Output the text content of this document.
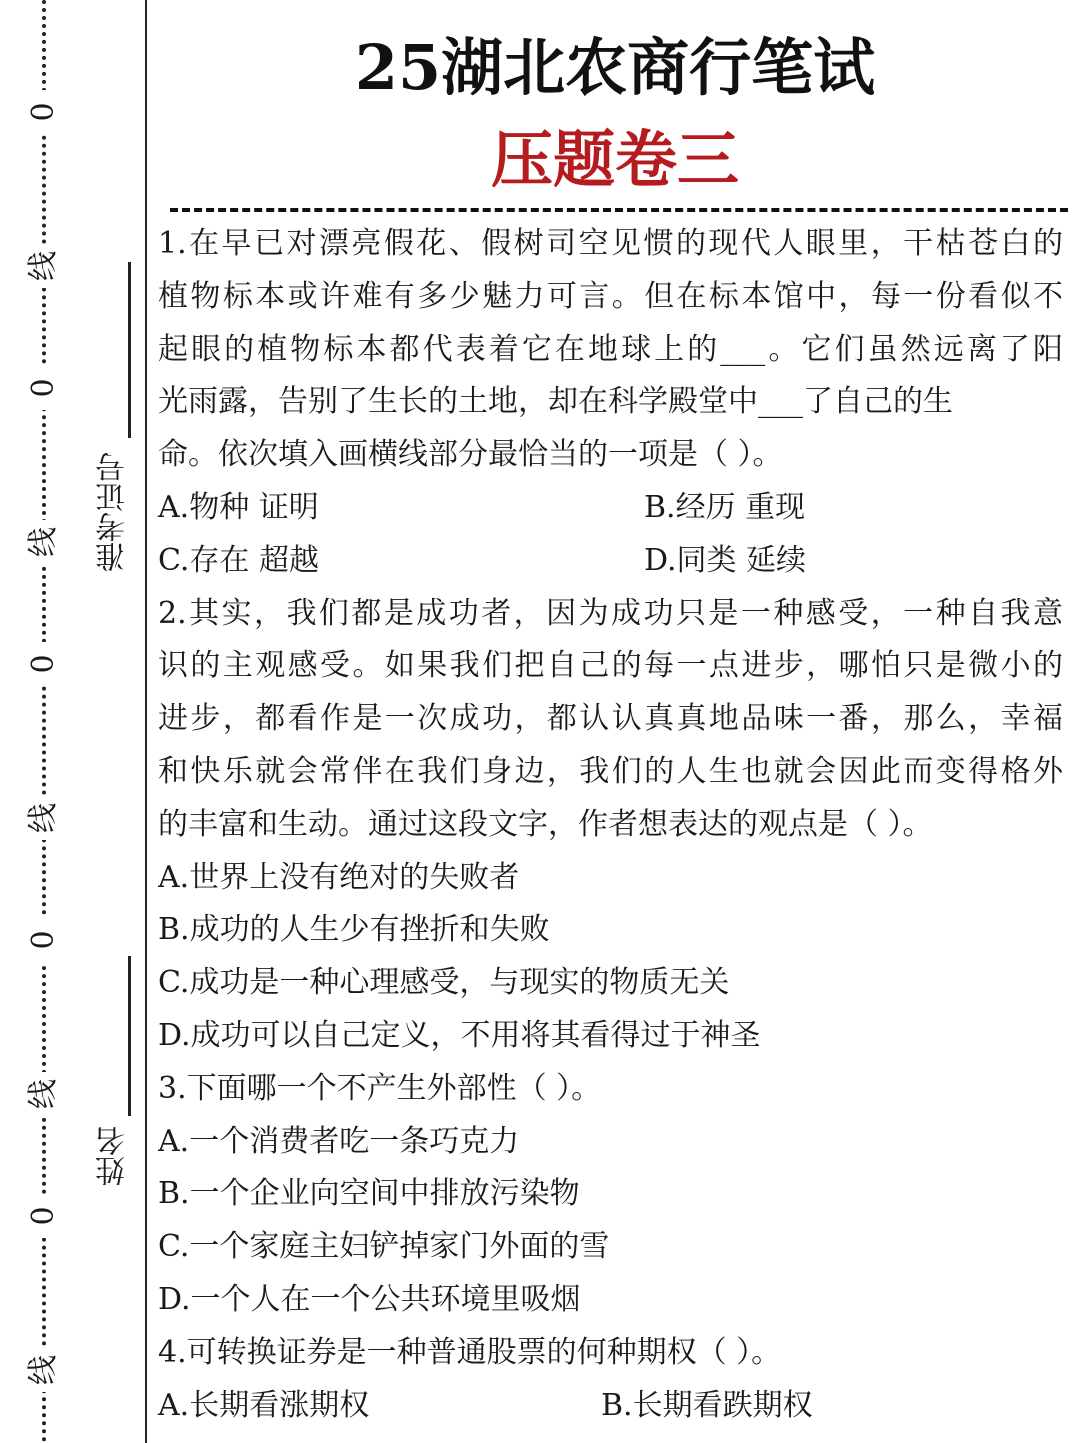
0
线
0
线
0
线
0
线
0
线
准考证号
姓名
25湖北农商行笔试
压题卷三
1.在早已对漂亮假花、假树司空见惯的现代人眼里，干枯苍白的
植物标本或许难有多少魅力可言。但在标本馆中，每一份看似不
起眼的植物标本都代表着它在地球上的___。它们虽然远离了阳
光雨露，告别了生长的土地，却在科学殿堂中___了自己的生
命。依次填入画横线部分最恰当的一项是（ ）。
A.物种 证明	B.经历 重现
C.存在 超越	D.同类 延续
2.其实，我们都是成功者，因为成功只是一种感受，一种自我意
识的主观感受。如果我们把自己的每一点进步，哪怕只是微小的
进步，都看作是一次成功，都认认真真地品味一番，那么，幸福
和快乐就会常伴在我们身边，我们的人生也就会因此而变得格外
的丰富和生动。通过这段文字，作者想表达的观点是（ ）。
A.世界上没有绝对的失败者
B.成功的人生少有挫折和失败
C.成功是一种心理感受，与现实的物质无关
D.成功可以自己定义，不用将其看得过于神圣
3.下面哪一个不产生外部性（ ）。
A.一个消费者吃一条巧克力
B.一个企业向空间中排放污染物
C.一个家庭主妇铲掉家门外面的雪
D.一个人在一个公共环境里吸烟
4.可转换证券是一种普通股票的何种期权（ ）。
A.长期看涨期权	B.长期看跌期权
